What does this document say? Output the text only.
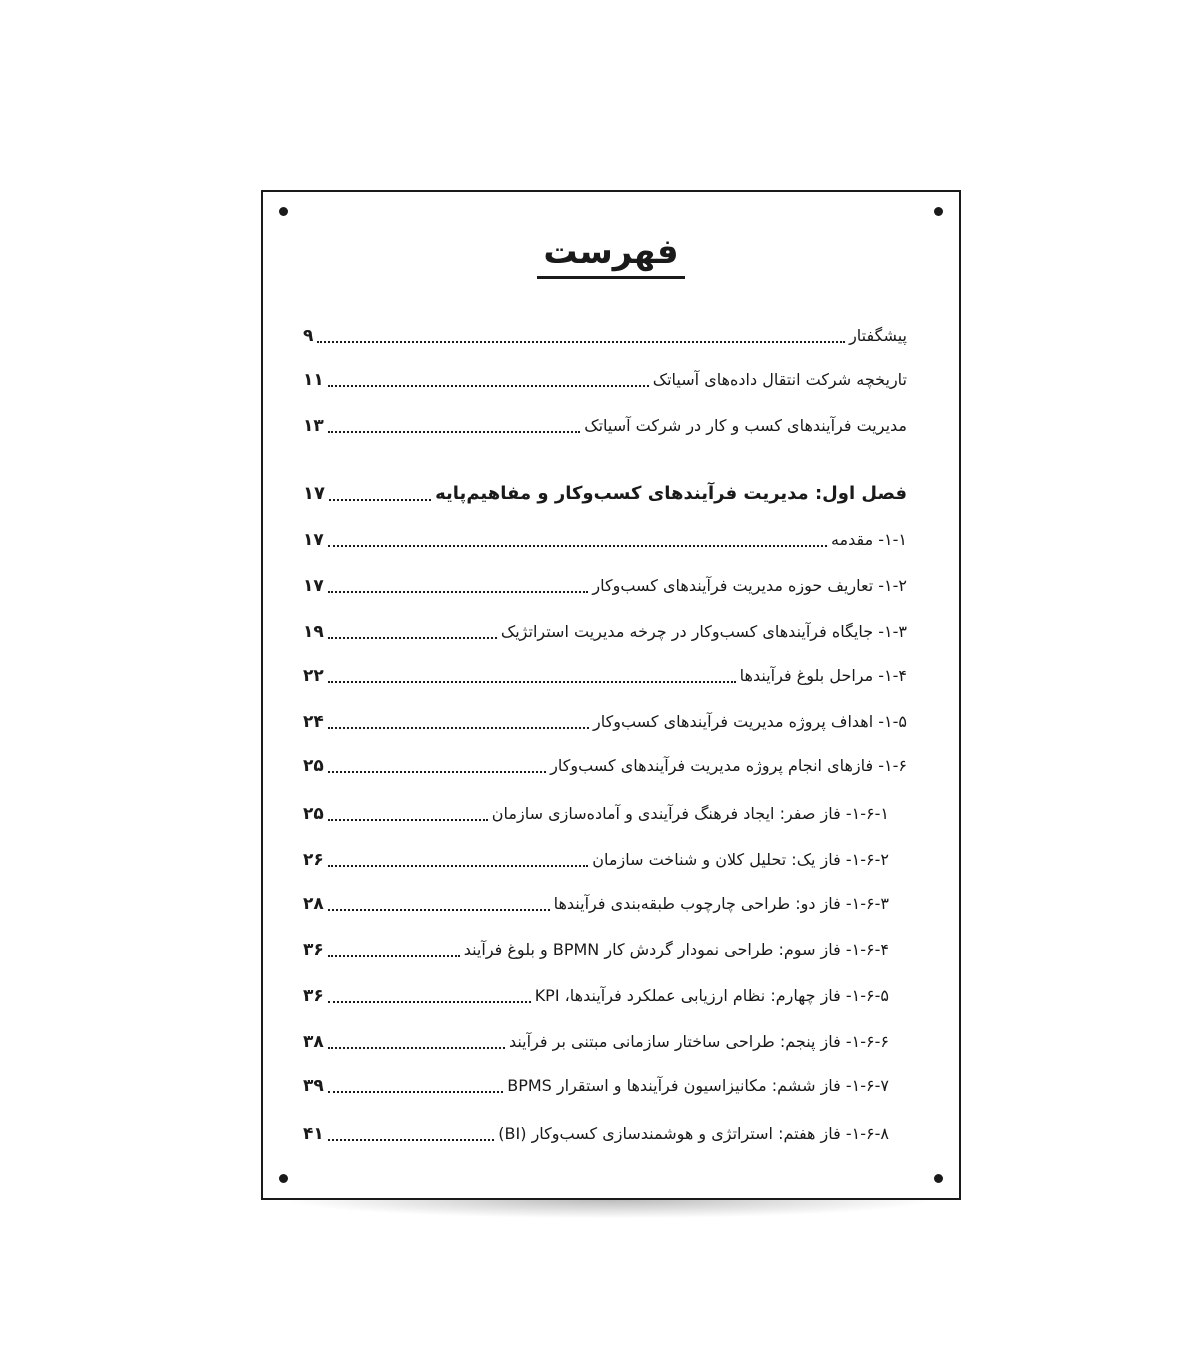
فهرست
پیشگفتار
۹
تاریخچه شرکت انتقال داده‌های آسیاتک
۱۱
مدیریت فرآیندهای کسب و کار در شرکت آسیاتک
۱۳
فصل اول: مدیریت فرآیندهای کسب‌وکار و مفاهیم‌پایه
۱۷
۱-۱- مقدمه
۱۷
۱-۲- تعاریف حوزه مدیریت فرآیندهای کسب‌وکار
۱۷
۱-۳- جایگاه فرآیندهای کسب‌وکار در چرخه مدیریت استراتژیک
۱۹
۱-۴- مراحل بلوغ فرآیندها
۲۲
۱-۵- اهداف پروژه مدیریت فرآیندهای کسب‌وکار
۲۴
۱-۶- فازهای انجام پروژه مدیریت فرآیندهای کسب‌وکار
۲۵
۱-۶-۱- فاز صفر: ایجاد فرهنگ فرآیندی و آماده‌سازی سازمان
۲۵
۱-۶-۲- فاز یک: تحلیل کلان و شناخت سازمان
۲۶
۱-۶-۳- فاز دو: طراحی چارچوب طبقه‌بندی فرآیندها
۲۸
۱-۶-۴- فاز سوم: طراحی نمودار گردش کار BPMN و بلوغ فرآیند
۳۶
۱-۶-۵- فاز چهارم: نظام ارزیابی عملکرد فرآیندها، KPI
۳۶
۱-۶-۶- فاز پنجم: طراحی ساختار سازمانی مبتنی بر فرآیند
۳۸
۱-۶-۷- فاز ششم: مکانیزاسیون فرآیندها و استقرار BPMS
۳۹
۱-۶-۸- فاز هفتم: استراتژی و هوشمندسازی کسب‌وکار (BI)
۴۱
